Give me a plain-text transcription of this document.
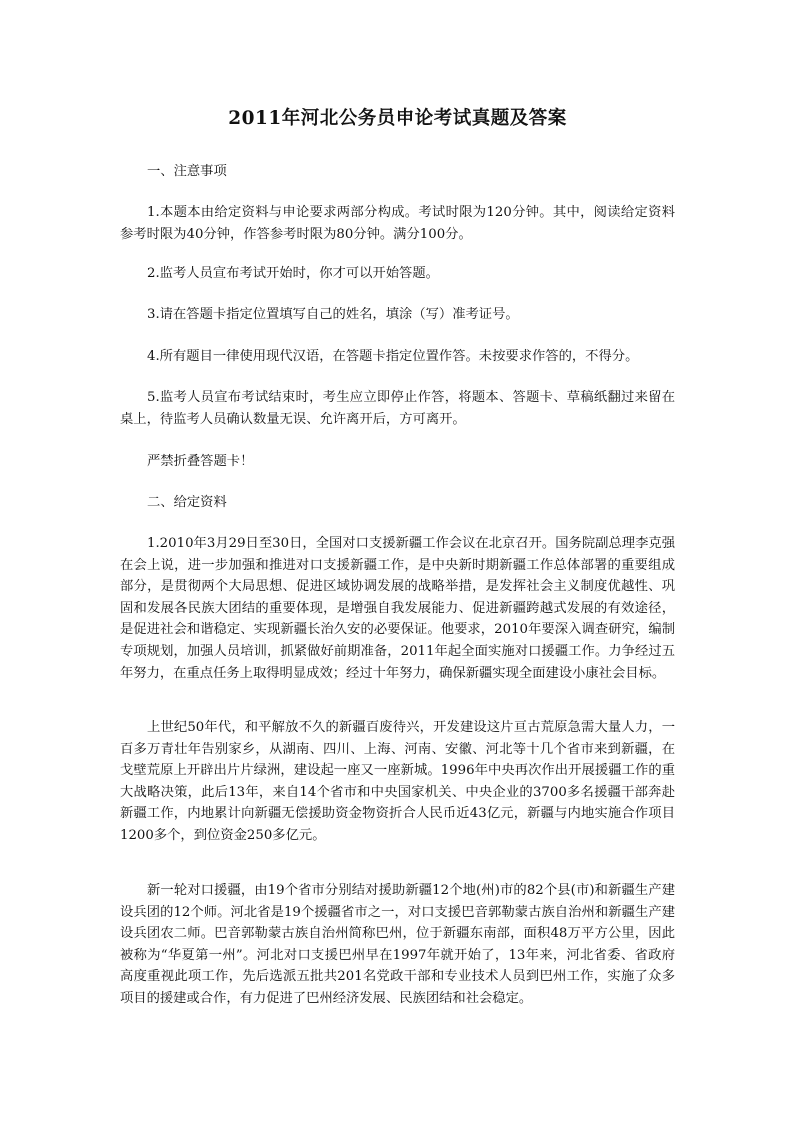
2011年河北公务员申论考试真题及答案

一、注意事项

1.本题本由给定资料与申论要求两部分构成。考试时限为120分钟。其中，阅读给定资料参考时限为40分钟，作答参考时限为80分钟。满分100分。

2.监考人员宣布考试开始时，你才可以开始答题。

3.请在答题卡指定位置填写自己的姓名，填涂（写）准考证号。

4.所有题目一律使用现代汉语，在答题卡指定位置作答。未按要求作答的，不得分。

5.监考人员宣布考试结束时，考生应立即停止作答，将题本、答题卡、草稿纸翻过来留在桌上，待监考人员确认数量无误、允许离开后，方可离开。

严禁折叠答题卡！

二、给定资料

1.2010年3月29日至30日，全国对口支援新疆工作会议在北京召开。国务院副总理李克强在会上说，进一步加强和推进对口支援新疆工作，是中央新时期新疆工作总体部署的重要组成部分，是贯彻两个大局思想、促进区域协调发展的战略举措，是发挥社会主义制度优越性、巩固和发展各民族大团结的重要体现，是增强自我发展能力、促进新疆跨越式发展的有效途径，是促进社会和谐稳定、实现新疆长治久安的必要保证。他要求，2010年要深入调查研究，编制专项规划，加强人员培训，抓紧做好前期准备，2011年起全面实施对口援疆工作。力争经过五年努力，在重点任务上取得明显成效；经过十年努力，确保新疆实现全面建设小康社会目标。

上世纪50年代，和平解放不久的新疆百废待兴，开发建设这片亘古荒原急需大量人力，一百多万青壮年告别家乡，从湖南、四川、上海、河南、安徽、河北等十几个省市来到新疆，在戈壁荒原上开辟出片片绿洲，建设起一座又一座新城。1996年中央再次作出开展援疆工作的重大战略决策，此后13年，来自14个省市和中央国家机关、中央企业的3700多名援疆干部奔赴新疆工作，内地累计向新疆无偿援助资金物资折合人民币近43亿元，新疆与内地实施合作项目1200多个，到位资金250多亿元。

新一轮对口援疆，由19个省市分别结对援助新疆12个地(州)市的82个县(市)和新疆生产建设兵团的12个师。河北省是19个援疆省市之一，对口支援巴音郭勒蒙古族自治州和新疆生产建设兵团农二师。巴音郭勒蒙古族自治州简称巴州，位于新疆东南部，面积48万平方公里，因此被称为“华夏第一州”。河北对口支援巴州早在1997年就开始了，13年来，河北省委、省政府高度重视此项工作，先后选派五批共201名党政干部和专业技术人员到巴州工作，实施了众多项目的援建或合作，有力促进了巴州经济发展、民族团结和社会稳定。
